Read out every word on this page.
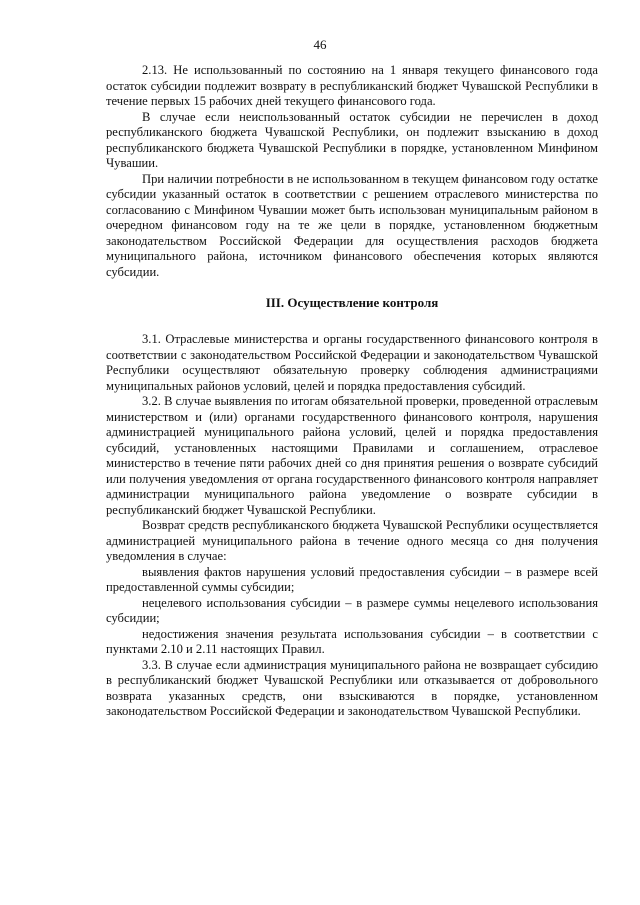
46

2.13. Не использованный по состоянию на 1 января текущего финансового года остаток субсидии подлежит возврату в республиканский бюджет Чувашской Республики в течение первых 15 рабочих дней текущего финансового года.

В случае если неиспользованный остаток субсидии не перечислен в доход республиканского бюджета Чувашской Республики, он подлежит взысканию в доход республиканского бюджета Чувашской Республики в порядке, установленном Минфином Чувашии.

При наличии потребности в не использованном в текущем финансовом году остатке субсидии указанный остаток в соответствии с решением отраслевого министерства по согласованию с Минфином Чувашии может быть использован муниципальным районом в очередном финансовом году на те же цели в порядке, установленном бюджетным законодательством Российской Федерации для осуществления расходов бюджета муниципального района, источником финансового обеспечения которых являются субсидии.

III. Осуществление контроля

3.1. Отраслевые министерства и органы государственного финансового контроля в соответствии с законодательством Российской Федерации и законодательством Чувашской Республики осуществляют обязательную проверку соблюдения администрациями муниципальных районов условий, целей и порядка предоставления субсидий.

3.2. В случае выявления по итогам обязательной проверки, проведенной отраслевым министерством и (или) органами государственного финансового контроля, нарушения администрацией муниципального района условий, целей и порядка предоставления субсидий, установленных настоящими Правилами и соглашением, отраслевое министерство в течение пяти рабочих дней со дня принятия решения о возврате субсидий или получения уведомления от органа государственного финансового контроля направляет администрации муниципального района уведомление о возврате субсидии в республиканский бюджет Чувашской Республики.

Возврат средств республиканского бюджета Чувашской Республики осуществляется администрацией муниципального района в течение одного месяца со дня получения уведомления в случае:

выявления фактов нарушения условий предоставления субсидии – в размере всей предоставленной суммы субсидии;

нецелевого использования субсидии – в размере суммы нецелевого использования субсидии;

недостижения значения результата использования субсидии – в соответствии с пунктами 2.10 и 2.11 настоящих Правил.

3.3. В случае если администрация муниципального района не возвращает субсидию в республиканский бюджет Чувашской Республики или отказывается от добровольного возврата указанных средств, они взыскиваются в порядке, установленном законодательством Российской Федерации и законодательством Чувашской Республики.
